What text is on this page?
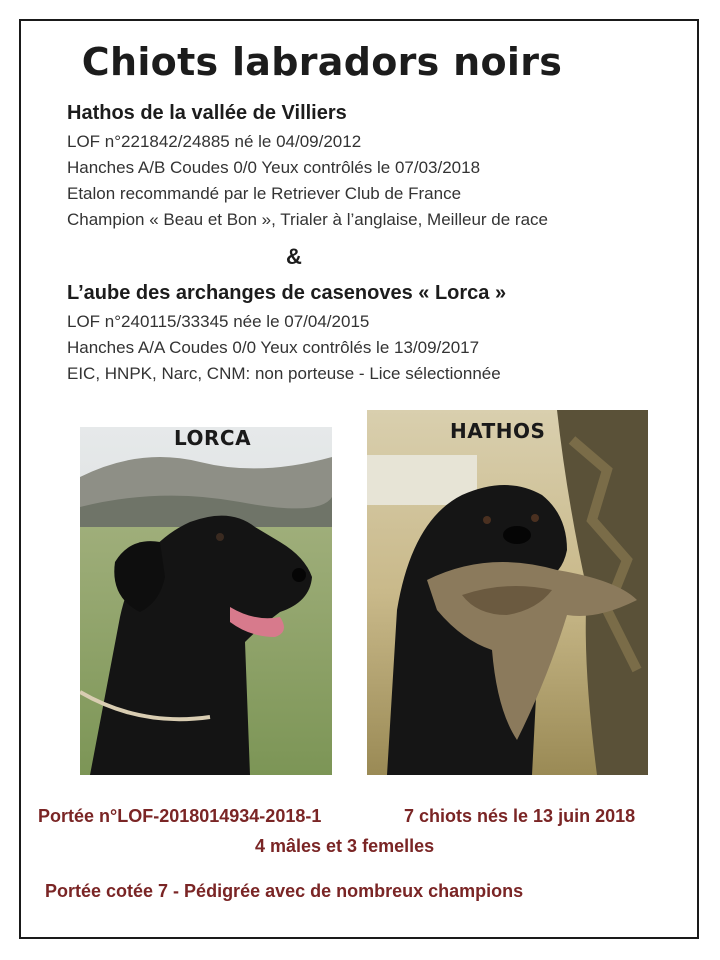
Chiots labradors noirs
Hathos de la vallée de Villiers
LOF n°221842/24885 né le 04/09/2012
Hanches A/B Coudes 0/0 Yeux contrôlés le 07/03/2018
Etalon recommandé par le Retriever Club de France
Champion « Beau et Bon », Trialer à l’anglaise, Meilleur de race
&
L’aube des archanges de casenoves « Lorca »
LOF n°240115/33345 née le 07/04/2015
Hanches A/A Coudes 0/0 Yeux contrôlés le 13/09/2017
EIC, HNPK, Narc, CNM: non porteuse - Lice sélectionnée
LORCA	HATHOS
Portée n°LOF-2018014934-2018-1	7 chiots nés le 13 juin 2018
4 mâles et 3 femelles
Portée cotée 7 - Pédigrée avec de nombreux champions
